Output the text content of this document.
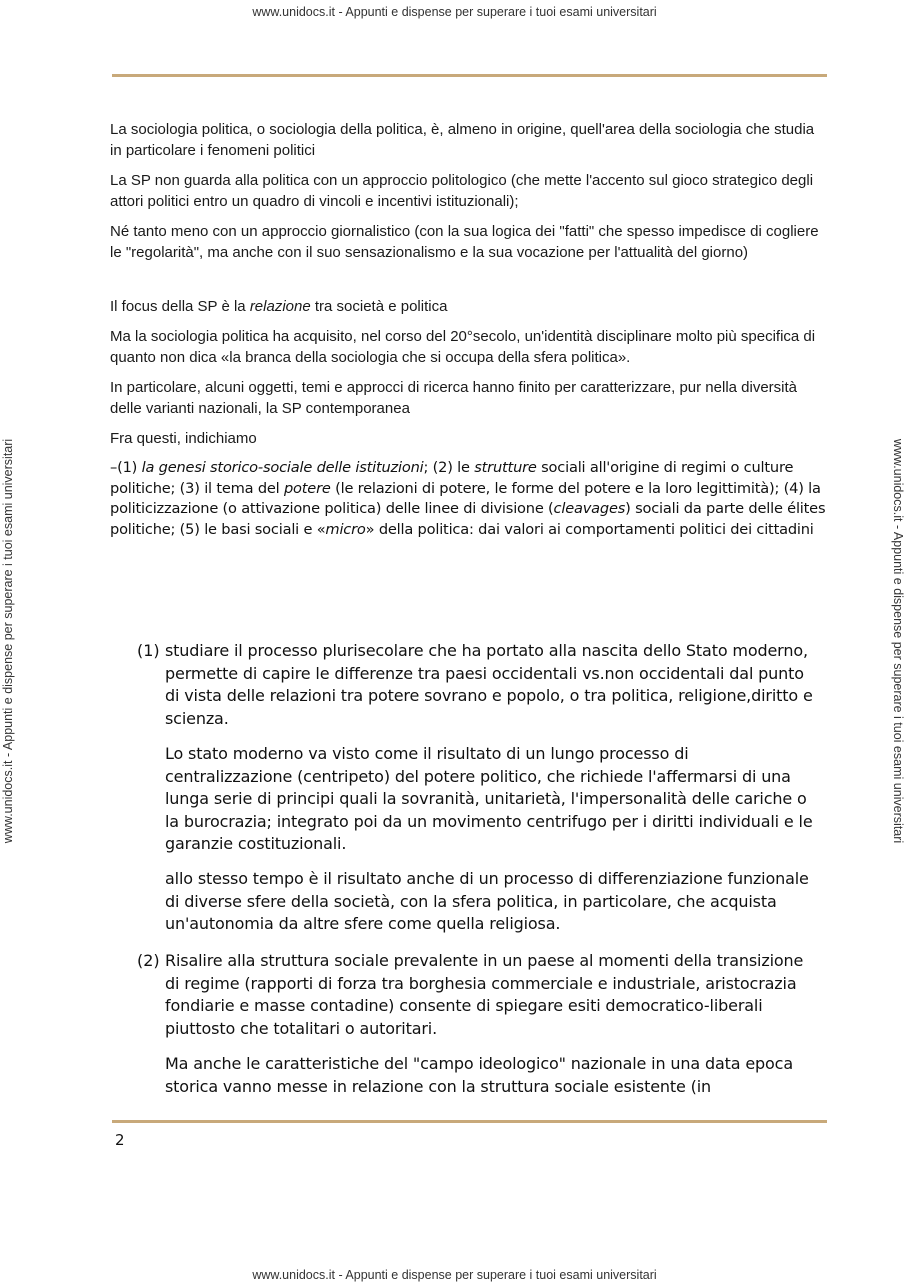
www.unidocs.it - Appunti e dispense per superare i tuoi esami universitari
www.unidocs.it - Appunti e dispense per superare i tuoi esami universitari
www.unidocs.it - Appunti e dispense per superare i tuoi esami universitari	www.unidocs.it - Appunti e dispense per superare i tuoi esami universitari

La sociologia politica, o sociologia della politica, è, almeno in origine, quell'area della sociologia che studia in particolare i fenomeni politici

La SP non guarda alla politica con un approccio politologico (che mette l'accento sul gioco strategico degli attori politici entro un quadro di vincoli e incentivi istituzionali);

Né tanto meno con un approccio giornalistico (con la sua logica dei "fatti" che spesso impedisce di cogliere le "regolarità", ma anche con il suo sensazionalismo e la sua vocazione per l'attualità del giorno)

Il focus della SP è la relazione tra società e politica

Ma la sociologia politica ha acquisito, nel corso del 20°secolo, un'identità disciplinare molto più specifica di quanto non dica «la branca della sociologia che si occupa della sfera politica».

In particolare, alcuni oggetti, temi e approcci di ricerca hanno finito per caratterizzare, pur nella diversità delle varianti nazionali, la SP contemporanea

Fra questi, indichiamo

–(1) la genesi storico-sociale delle istituzioni; (2) le strutture sociali all'origine di regimi o culture politiche; (3) il tema del potere (le relazioni di potere, le forme del potere e la loro legittimità); (4) la politicizzazione (o attivazione politica) delle linee di divisione (cleavages) sociali da parte delle élites politiche; (5) le basi sociali e «micro» della politica: dai valori ai comportamenti politici dei cittadini

(1) studiare il processo plurisecolare che ha portato alla nascita dello Stato moderno, permette di capire le differenze tra paesi occidentali vs.non occidentali dal punto di vista delle relazioni tra potere sovrano e popolo, o tra politica, religione,diritto e scienza.

Lo stato moderno va visto come il risultato di un lungo processo di centralizzazione (centripeto) del potere politico, che richiede l'affermarsi di una lunga serie di principi quali la sovranità, unitarietà, l'impersonalità delle cariche o la burocrazia; integrato poi da un movimento centrifugo per i diritti individuali e le garanzie costituzionali.

allo stesso tempo è il risultato anche di un processo di differenziazione funzionale di diverse sfere della società, con la sfera politica, in particolare, che acquista un'autonomia da altre sfere come quella religiosa.

(2) Risalire alla struttura sociale prevalente in un paese al momenti della transizione di regime (rapporti di forza tra borghesia commerciale e industriale, aristocrazia fondiarie e masse contadine) consente di spiegare esiti democratico-liberali piuttosto che totalitari o autoritari.

Ma anche le caratteristiche del "campo ideologico" nazionale in una data epoca storica vanno messe in relazione con la struttura sociale esistente (in

2
